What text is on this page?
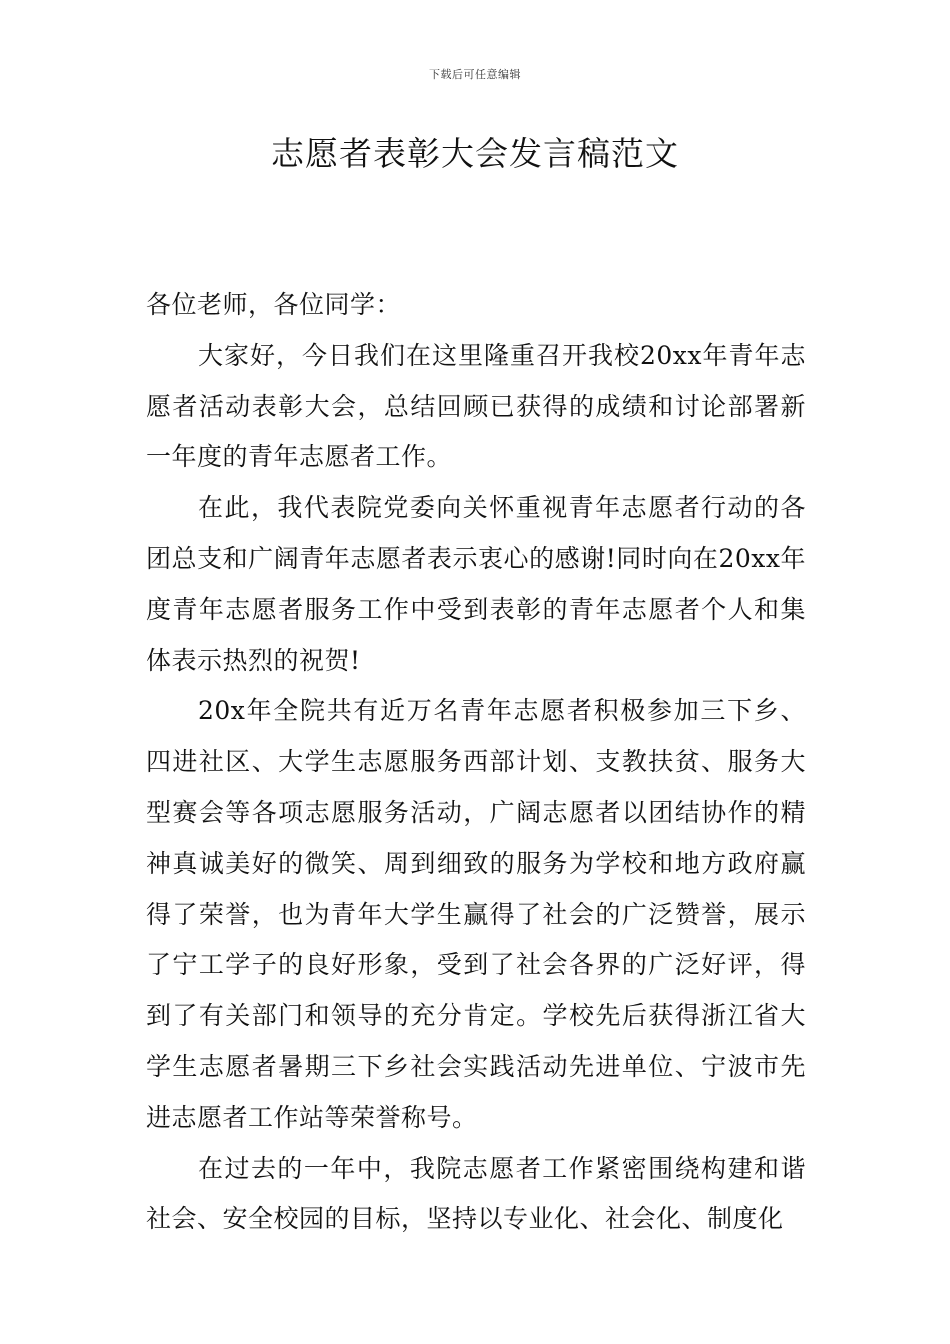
下载后可任意编辑
志愿者表彰大会发言稿范文

各位老师，各位同学：

大家好，今日我们在这里隆重召开我校20xx年青年志愿者活动表彰大会，总结回顾已获得的成绩和讨论部署新一年度的青年志愿者工作。

在此，我代表院党委向关怀重视青年志愿者行动的各团总支和广阔青年志愿者表示衷心的感谢!同时向在20xx年度青年志愿者服务工作中受到表彰的青年志愿者个人和集体表示热烈的祝贺!

20x年全院共有近万名青年志愿者积极参加三下乡、四进社区、大学生志愿服务西部计划、支教扶贫、服务大型赛会等各项志愿服务活动，广阔志愿者以团结协作的精神真诚美好的微笑、周到细致的服务为学校和地方政府赢得了荣誉，也为青年大学生赢得了社会的广泛赞誉，展示了宁工学子的良好形象，受到了社会各界的广泛好评，得到了有关部门和领导的充分肯定。学校先后获得浙江省大学生志愿者暑期三下乡社会实践活动先进单位、宁波市先进志愿者工作站等荣誉称号。

在过去的一年中，我院志愿者工作紧密围绕构建和谐社会、安全校园的目标，坚持以专业化、社会化、制度化
